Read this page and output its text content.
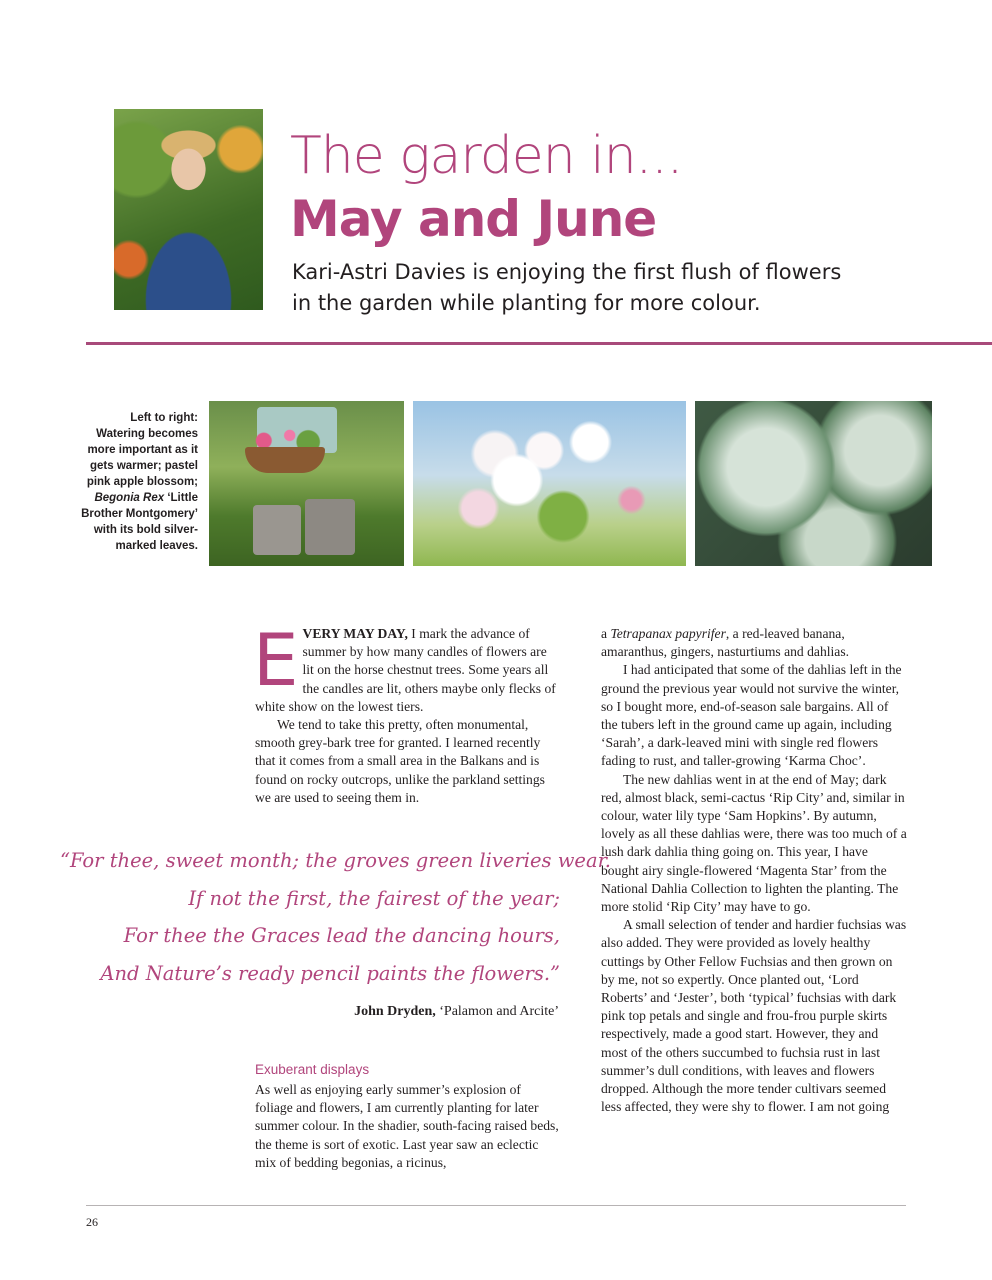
The garden in...
May and June
Kari-Astri Davies is enjoying the first flush of flowers
in the garden while planting for more colour.
Left to right: Watering becomes more important as it gets warmer; pastel pink apple blossom; Begonia Rex ‘Little Brother Montgomery’ with its bold silver-marked leaves.

EVERY MAY DAY, I mark the advance of summer by how many candles of flowers are lit on the horse chestnut trees. Some years all the candles are lit, others maybe only flecks of white show on the lowest tiers.

We tend to take this pretty, often monumental, smooth grey-bark tree for granted. I learned recently that it comes from a small area in the Balkans and is found on rocky outcrops, unlike the parkland settings we are used to seeing them in.

“For thee, sweet month; the groves green liveries wear.
If not the first, the fairest of the year;
For thee the Graces lead the dancing hours,
And Nature’s ready pencil paints the flowers.”
John Dryden, ‘Palamon and Arcite’
Exuberant displays

As well as enjoying early summer’s explosion of foliage and flowers, I am currently planting for later summer colour. In the shadier, south-facing raised beds, the theme is sort of exotic. Last year saw an eclectic mix of bedding begonias, a ricinus,

a Tetrapanax papyrifer, a red-leaved banana, amaranthus, gingers, nasturtiums and dahlias.

I had anticipated that some of the dahlias left in the ground the previous year would not survive the winter, so I bought more, end-of-season sale bargains. All of the tubers left in the ground came up again, including ‘Sarah’, a dark-leaved mini with single red flowers fading to rust, and taller-growing ‘Karma Choc’.

The new dahlias went in at the end of May; dark red, almost black, semi-cactus ‘Rip City’ and, similar in colour, water lily type ‘Sam Hopkins’. By autumn, lovely as all these dahlias were, there was too much of a lush dark dahlia thing going on. This year, I have bought airy single-flowered ‘Magenta Star’ from the National Dahlia Collection to lighten the planting. The more stolid ‘Rip City’ may have to go.

A small selection of tender and hardier fuchsias was also added. They were provided as lovely healthy cuttings by Other Fellow Fuchsias and then grown on by me, not so expertly. Once planted out, ‘Lord Roberts’ and ‘Jester’, both ‘typical’ fuchsias with dark pink top petals and single and frou-frou purple skirts respectively, made a good start. However, they and most of the others succumbed to fuchsia rust in last summer’s dull conditions, with leaves and flowers dropped. Although the more tender cultivars seemed less affected, they were shy to flower. I am not going

26
